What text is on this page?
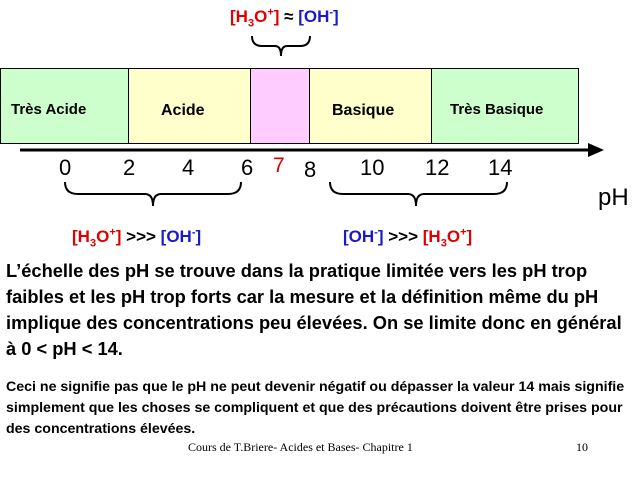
$[H_3O^+] \approx [OH^-]$
Très Acide	Acide	Basique	Très Basique
0 2 4 6 7 8 10 12 14
pH
$[H_3O^+]$ >>> [OH-]	[OH-] >>> $[H_3O^+]$
L’échelle des pH se trouve dans la pratique limitée vers les pH trop faibles et les pH trop forts car la mesure et la définition même du pH implique des concentrations peu élevées. On se limite donc en général à 0 < pH < 14.
Ceci ne signifie pas que le pH ne peut devenir négatif ou dépasser la valeur 14 mais signifie simplement que les choses se compliquent et que des précautions doivent être prises pour des concentrations élevées.
Cours de T.Briere- Acides et Bases- Chapitre 1	10
